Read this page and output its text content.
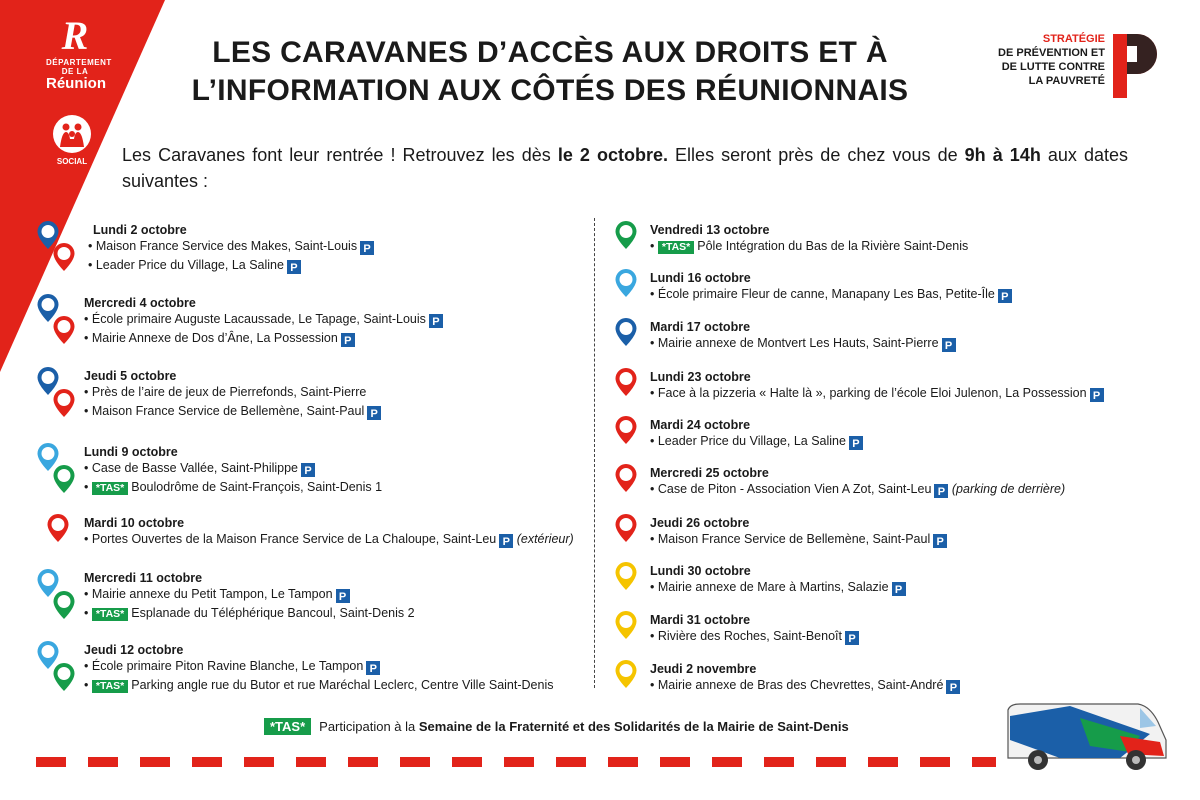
R
DÉPARTEMENT DE LA
Réunion
SOCIAL
LES CARAVANES D’ACCÈS AUX DROITS ET À
L’INFORMATION AUX CÔTÉS DES RÉUNIONNAIS
STRATÉGIE
DE PRÉVENTION ET
DE LUTTE CONTRE
LA PAUVRETÉ
Les Caravanes font leur rentrée ! Retrouvez les dès le 2 octobre. Elles seront près de chez vous de 9h à 14h aux dates suivantes :
Lundi 2 octobre
• Maison France Service des Makes, Saint-Louis P
• Leader Price du Village, La Saline P
Mercredi 4 octobre
• École primaire Auguste Lacaussade, Le Tapage, Saint-Louis P
• Mairie Annexe de Dos d’Âne, La Possession P
Jeudi 5 octobre
• Près de l’aire de jeux de Pierrefonds, Saint-Pierre
• Maison France Service de Bellemène, Saint-Paul P
Lundi 9 octobre
• Case de Basse Vallée, Saint-Philippe P
• *TAS* Boulodrôme de Saint-François, Saint-Denis 1
Mardi 10 octobre
• Portes Ouvertes de la Maison France Service de La Chaloupe, Saint-Leu P (extérieur)
Mercredi 11 octobre
• Mairie annexe du Petit Tampon, Le Tampon P
• *TAS* Esplanade du Téléphérique Bancoul, Saint-Denis 2
Jeudi 12 octobre
• École primaire Piton Ravine Blanche, Le Tampon P
• *TAS* Parking angle rue du Butor et rue Maréchal Leclerc, Centre Ville Saint-Denis
Vendredi 13 octobre
• *TAS* Pôle Intégration du Bas de la Rivière Saint-Denis
Lundi 16 octobre
• École primaire Fleur de canne, Manapany Les Bas, Petite-Île P
Mardi 17 octobre
• Mairie annexe de Montvert Les Hauts, Saint-Pierre P
Lundi 23 octobre
• Face à la pizzeria « Halte là », parking de l’école Eloi Julenon, La Possession P
Mardi 24 octobre
• Leader Price du Village, La Saline P
Mercredi 25 octobre
• Case de Piton - Association Vien A Zot, Saint-Leu P (parking de derrière)
Jeudi 26 octobre
• Maison France Service de Bellemène, Saint-Paul P
Lundi 30 octobre
• Mairie annexe de Mare à Martins, Salazie P
Mardi 31 octobre
• Rivière des Roches, Saint-Benoît P
Jeudi 2 novembre
• Mairie annexe de Bras des Chevrettes, Saint-André P
*TAS* Participation à la Semaine de la Fraternité et des Solidarités de la Mairie de Saint-Denis
